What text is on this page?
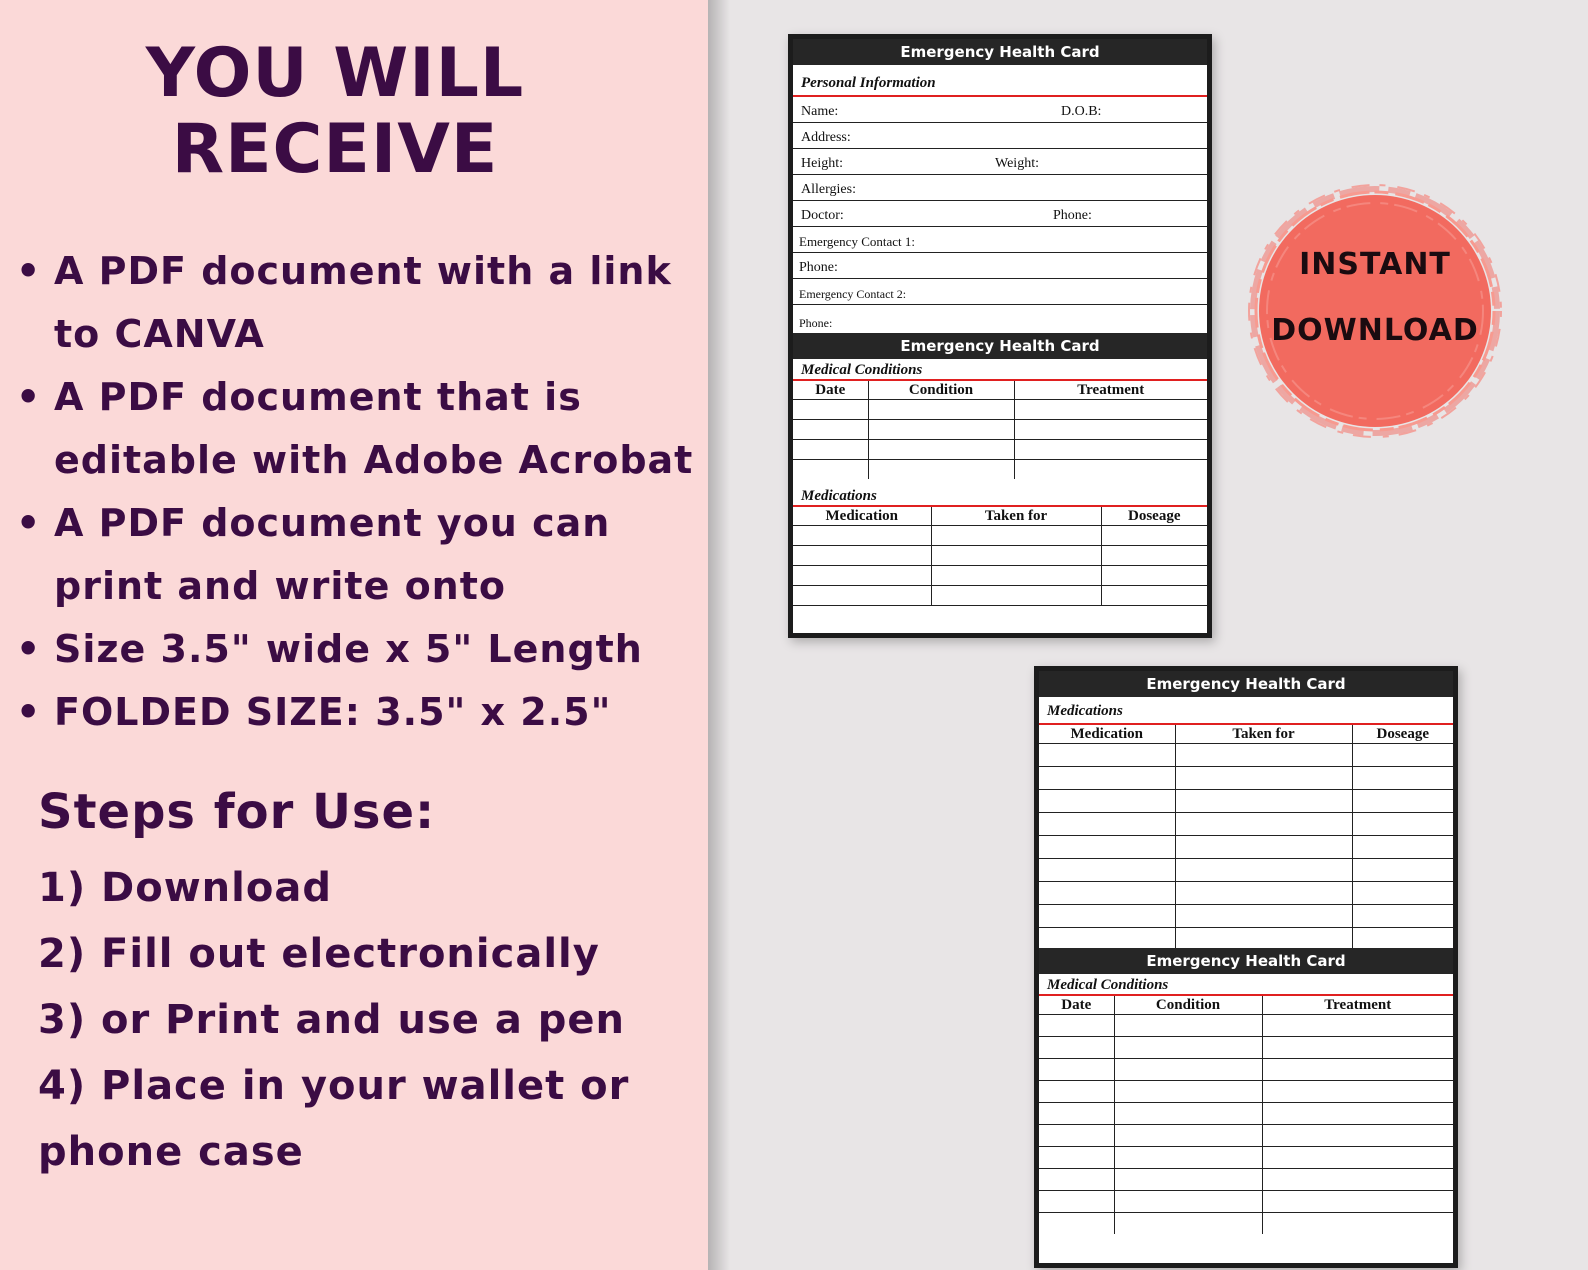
YOU WILL
RECEIVE
• A PDF document with a link to CANVA
• A PDF document that is editable with Adobe Acrobat
• A PDF document you can print and write onto
• Size 3.5" wide x 5" Length
• FOLDED SIZE: 3.5" x 2.5"
Steps for Use:
1) Download
2) Fill out electronically
3) or Print and use a pen
4) Place in your wallet or phone case
Emergency Health Card
Personal Information
Name:	D.O.B:
Address:
Height:	Weight:
Allergies:
Doctor:	Phone:
Emergency Contact 1:
Phone:
Emergency Contact 2:
Phone:
Emergency Health Card
Medical Conditions
Date	Condition	Treatment

Medications
Medication	Taken for	Doseage

INSTANT
DOWNLOAD
Emergency Health Card
Medications
Medication	Taken for	Doseage

Emergency Health Card
Medical Conditions
Date	Condition	Treatment
